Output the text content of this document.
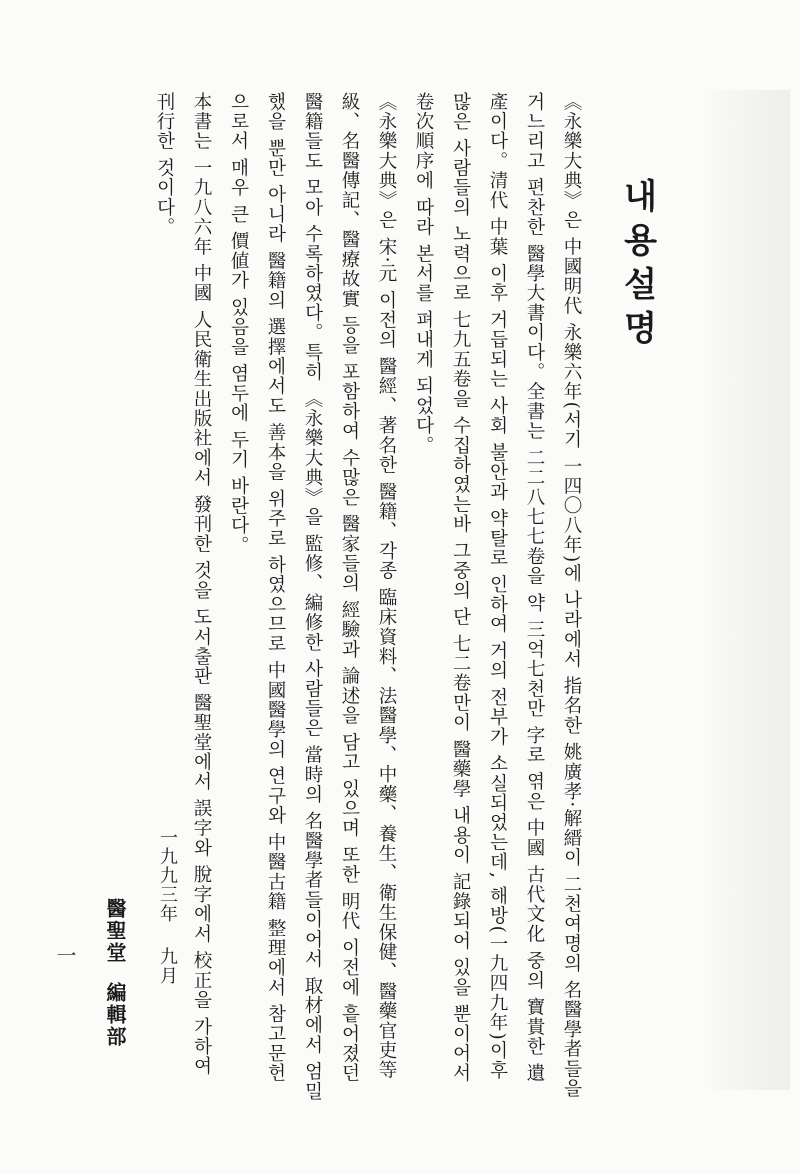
내용설명

《永樂大典》은 中國明代 永樂六年(서기 一四〇八年)에 나라에서 指名한 姚廣孝·解縉이 二천여명의 名醫學者들을 거느리고 편찬한 醫學大書이다。全書는 二二八七七卷을 약 三억七천만 字로 엮은 中國 古代文化 중의 寶貴한 遺產이다。清代 中葉 이후 거듭되는 사회 불안과 약탈로 인하여 거의 전부가 소실되었는데, 해방(一九四九年)이후 많은 사람들의 노력으로 七九五卷을 수집하였는바 그중의 단 七二卷만이 醫藥學 내용이 記錄되어 있을 뿐이어서 卷次順序에 따라 본서를 펴내게 되었다。

《永樂大典》은 宋·元 이전의 醫經、著名한 醫籍、각종 臨床資料、法醫學、中藥、養生、衛生保健、醫藥官吏等級、名醫傳記、醫療故實 등을 포함하여 수많은 醫家들의 經驗과 論述을 담고 있으며 또한 明代 이전에 흩어졌던 醫籍들도 모아 수록하였다。특히 《永樂大典》을 監修、編修한 사람들은 當時의 名醫學者들이어서 取材에서 엄밀했을 뿐만 아니라 醫籍의 選擇에서도 善本을 위주로 하였으므로 中國醫學의 연구와 中醫古籍 整理에서 참고문헌으로서 매우 큰 價値가 있음을 염두에 두기 바란다。

本書는 一九八六年 中國 人民衛生出版社에서 發刊한 것을 도서출판 醫聖堂에서 誤字와 脫字에서 校正을 가하여 刊行한 것이다。

一九九三年九月
醫聖堂編輯部
一
